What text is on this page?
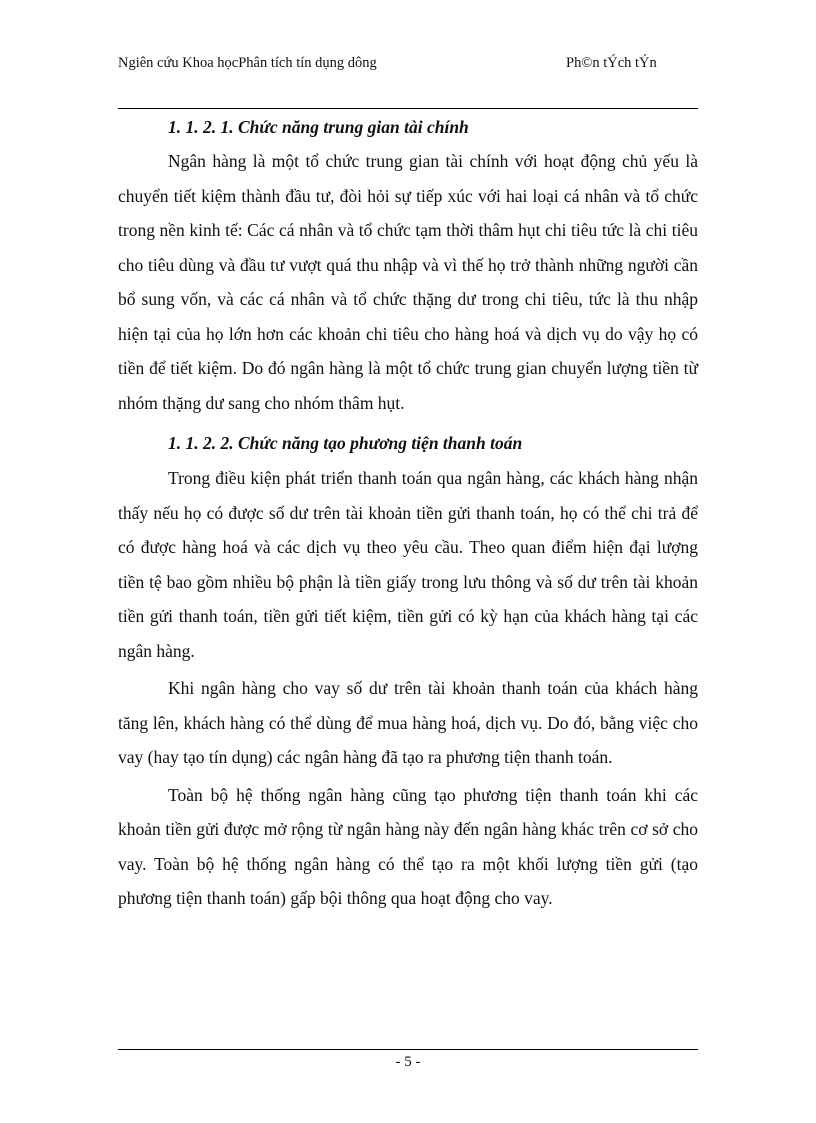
Ngiên cứu Khoa họcPhân tích tín dụng dông	Ph©n tÝch tÝn
1. 1. 2. 1. Chức năng trung gian tài chính

Ngân hàng là một tổ chức trung gian tài chính với hoạt động chủ yếu là chuyển tiết kiệm thành đầu tư, đòi hỏi sự tiếp xúc với hai loại cá nhân và tổ chức trong nền kinh tế: Các cá nhân và tổ chức tạm thời thâm hụt chi tiêu tức là chi tiêu cho tiêu dùng và đầu tư vượt quá thu nhập và vì thế họ trở thành những người cần bổ sung vốn, và các cá nhân và tổ chức thặng dư trong chi tiêu, tức là thu nhập hiện tại của họ lớn hơn các khoản chi tiêu cho hàng hoá và dịch vụ do vậy họ có tiền để tiết kiệm. Do đó ngân hàng là một tổ chức trung gian chuyển lượng tiền từ nhóm thặng dư sang cho nhóm thâm hụt.

1. 1. 2. 2. Chức năng tạo phương tiện thanh toán

Trong điều kiện phát triển thanh toán qua ngân hàng, các khách hàng nhận thấy nếu họ có được số dư trên tài khoản tiền gửi thanh toán, họ có thể chi trả để có được hàng hoá và các dịch vụ theo yêu cầu. Theo quan điểm hiện đại lượng tiền tệ bao gồm nhiều bộ phận là tiền giấy trong lưu thông và số dư trên tài khoản tiền gửi thanh toán, tiền gửi tiết kiệm, tiền gửi có kỳ hạn của khách hàng tại các ngân hàng.

Khi ngân hàng cho vay số dư trên tài khoản thanh toán của khách hàng tăng lên, khách hàng có thể dùng để mua hàng hoá, dịch vụ. Do đó, bằng việc cho vay (hay tạo tín dụng) các ngân hàng đã tạo ra phương tiện thanh toán.

Toàn bộ hệ thống ngân hàng cũng tạo phương tiện thanh toán khi các khoản tiền gửi được mở rộng từ ngân hàng này đến ngân hàng khác trên cơ sở cho vay. Toàn bộ hệ thống ngân hàng có thể tạo ra một khối lượng tiền gửi (tạo phương tiện thanh toán) gấp bội thông qua hoạt động cho vay.

- 5 -
